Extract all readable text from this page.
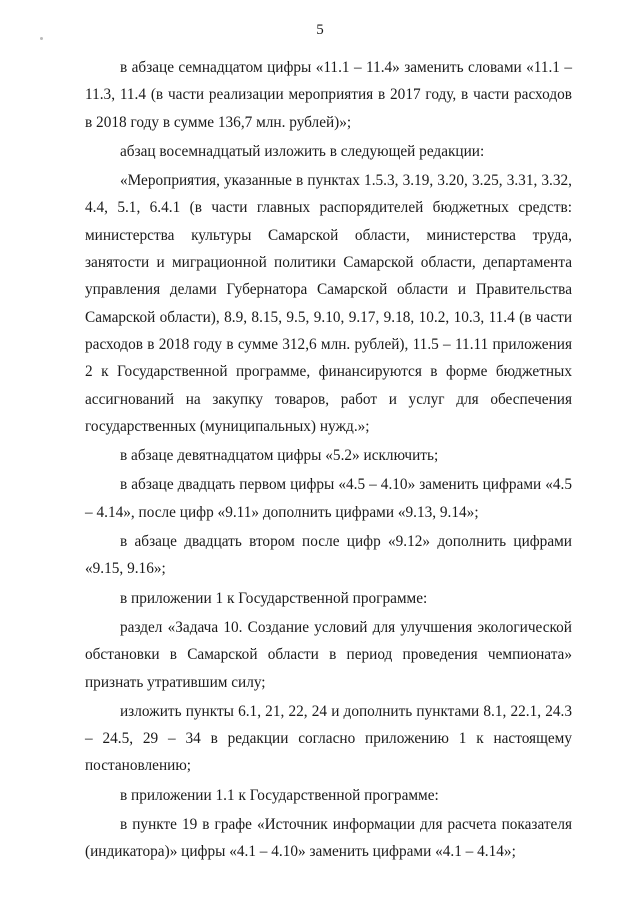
5

в абзаце семнадцатом цифры «11.1 – 11.4» заменить словами «11.1 – 11.3, 11.4 (в части реализации мероприятия в 2017 году, в части расходов в 2018 году в сумме 136,7 млн. рублей)»;

абзац восемнадцатый изложить в следующей редакции:

«Мероприятия, указанные в пунктах 1.5.3, 3.19, 3.20, 3.25, 3.31, 3.32, 4.4, 5.1, 6.4.1 (в части главных распорядителей бюджетных средств: министерства культуры Самарской области, министерства труда, занятости и миграционной политики Самарской области, департамента управления делами Губернатора Самарской области и Правительства Самарской области), 8.9, 8.15, 9.5, 9.10, 9.17, 9.18, 10.2, 10.3, 11.4 (в части расходов в 2018 году в сумме 312,6 млн. рублей), 11.5 – 11.11 приложения 2 к Государственной программе, финансируются в форме бюджетных ассигнований на закупку товаров, работ и услуг для обеспечения государственных (муниципальных) нужд.»;

в абзаце девятнадцатом цифры «5.2» исключить;

в абзаце двадцать первом цифры «4.5 – 4.10» заменить цифрами «4.5 – 4.14», после цифр «9.11» дополнить цифрами «9.13, 9.14»;

в абзаце двадцать втором после цифр «9.12» дополнить цифрами «9.15, 9.16»;

в приложении 1 к Государственной программе:

раздел «Задача 10. Создание условий для улучшения экологической обстановки в Самарской области в период проведения чемпионата» признать утратившим силу;

изложить пункты 6.1, 21, 22, 24 и дополнить пунктами 8.1, 22.1, 24.3 – 24.5, 29 – 34 в редакции согласно приложению 1 к настоящему постановлению;

в приложении 1.1 к Государственной программе:

в пункте 19 в графе «Источник информации для расчета показателя (индикатора)» цифры «4.1 – 4.10» заменить цифрами «4.1 – 4.14»;
